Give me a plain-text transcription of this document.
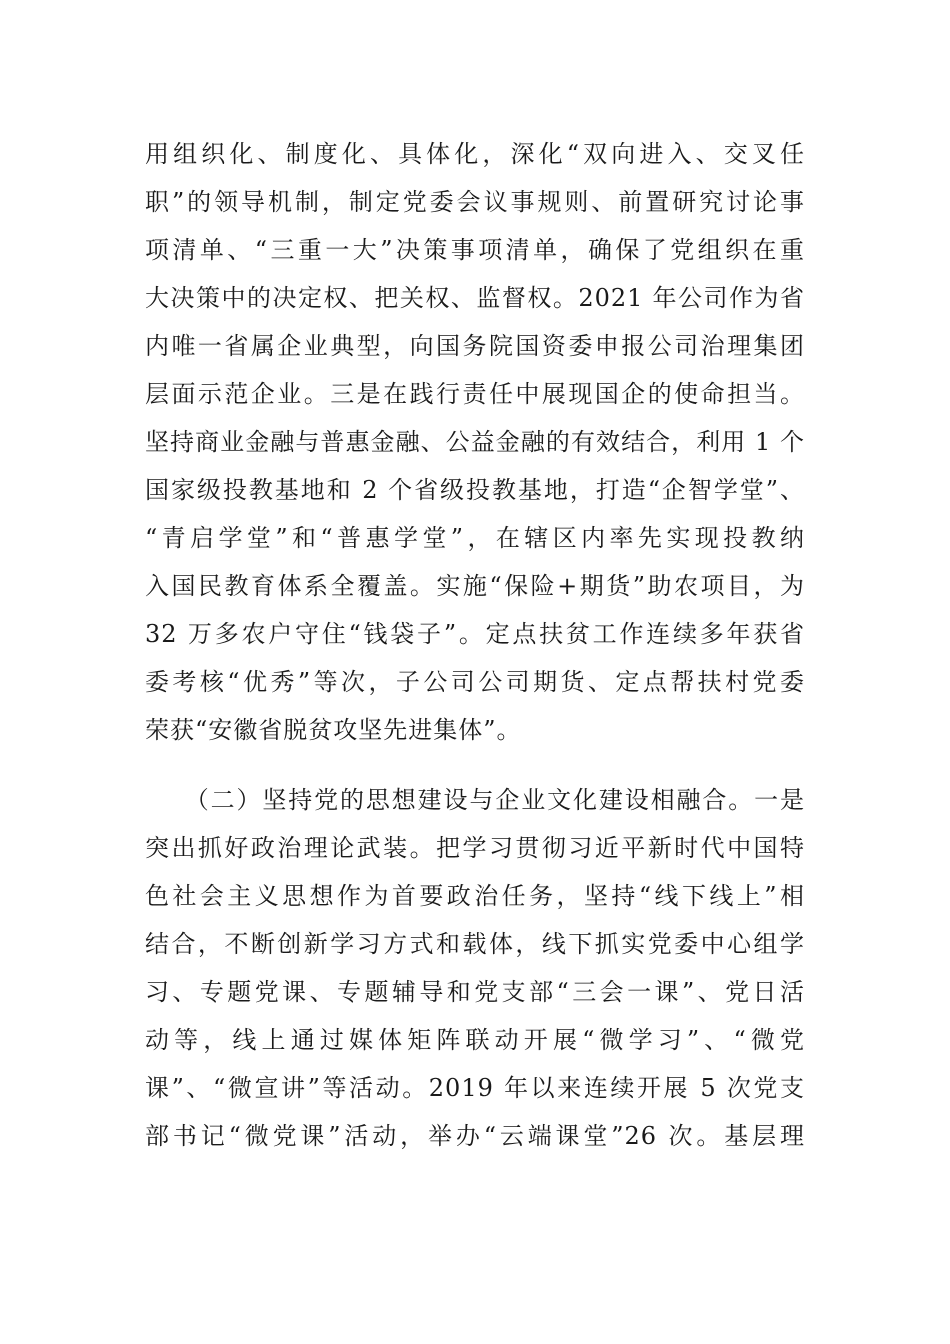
用组织化、制度化、具体化，深化“双向进入、交叉任
职”的领导机制，制定党委会议事规则、前置研究讨论事
项清单、“三重一大”决策事项清单，确保了党组织在重
大决策中的决定权、把关权、监督权。2021 年公司作为省
内唯一省属企业典型，向国务院国资委申报公司治理集团
层面示范企业。三是在践行责任中展现国企的使命担当。
坚持商业金融与普惠金融、公益金融的有效结合，利用 1 个
国家级投教基地和 2 个省级投教基地，打造“企智学堂”、
“青启学堂”和“普惠学堂”，在辖区内率先实现投教纳
入国民教育体系全覆盖。实施“保险+期货”助农项目，为
32 万多农户守住“钱袋子”。定点扶贫工作连续多年获省
委考核“优秀”等次，子公司公司期货、定点帮扶村党委
荣获“安徽省脱贫攻坚先进集体”。
　　（二）坚持党的思想建设与企业文化建设相融合。一是
突出抓好政治理论武装。把学习贯彻习近平新时代中国特
色社会主义思想作为首要政治任务，坚持“线下线上”相
结合，不断创新学习方式和载体，线下抓实党委中心组学
习、专题党课、专题辅导和党支部“三会一课”、党日活
动等，线上通过媒体矩阵联动开展“微学习”、“微党
课”、“微宣讲”等活动。2019 年以来连续开展 5 次党支
部书记“微党课”活动，举办“云端课堂”26 次。基层理
